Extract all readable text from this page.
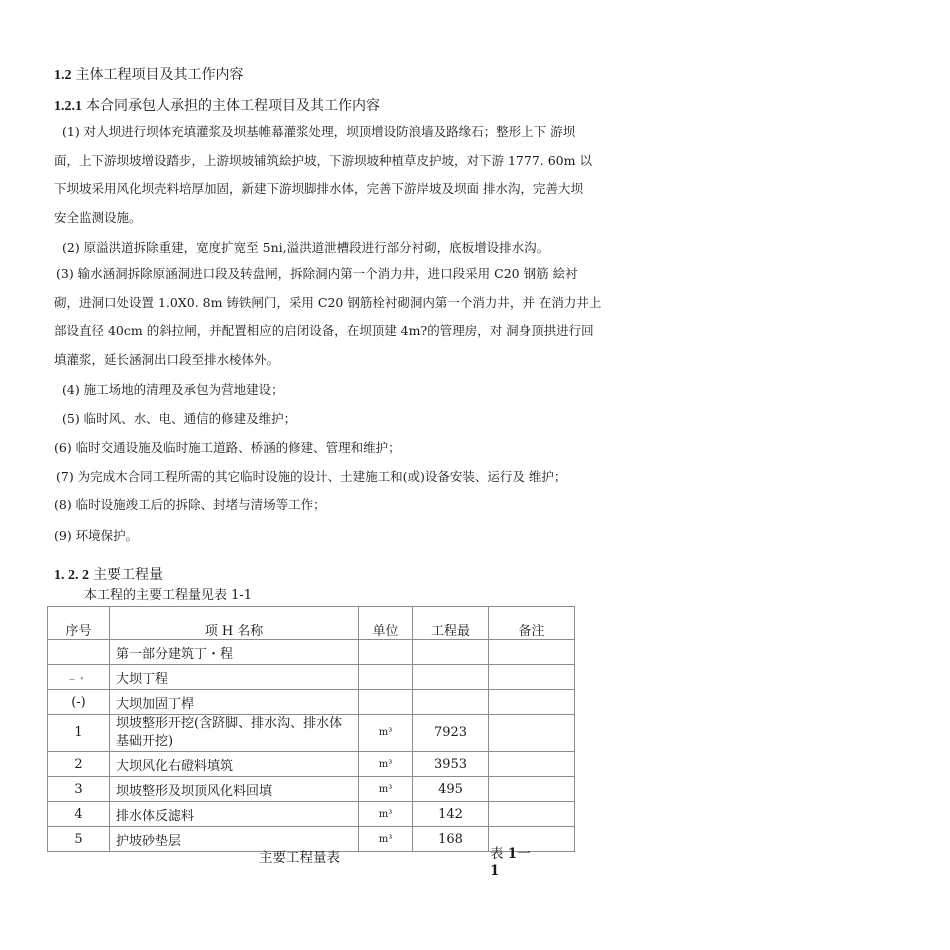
1.2 主体工程项目及其工作内容
1.2.1 本合同承包人承担的主体工程项目及其工作内容
(1) 对人坝进行坝体充填灌浆及坝基帷幕灌浆处理，坝顶增设防浪墙及路缘石；整形上下 游坝
面，上下游坝坡增设踏步，上游坝坡铺筑絵护坡，下游坝坡种植草皮护坡，对下游 1777. 60m 以
下坝坡采用风化坝壳料培厚加固，新建下游坝脚排水体，完善下游岸坡及坝面 排水沟，完善大坝
安全监测设施。
(2) 原溢洪道拆除重建，宽度扩宽至 5ni,溢洪道泄槽段进行部分衬砌，底板增设排水沟。
(3) 输水涵洞拆除原涵洞进口段及转盘闸，拆除洞内第一个消力井，进口段采用 C20 钢筋 絵衬
砌，进洞口处设置 1.0X0. 8m 铸铁闸门，采用 C20 钢筋栓衬砌洞内第一个消力井，并 在消力井上
部设直径 40cm 的斜拉闸，并配置相应的启闭设备，在坝顶建 4m?的管理房，对 洞身顶拱进行回
填灌浆，延长涵洞出口段至排水棱体外。
(4) 施工场地的清理及承包为营地建设；
(5) 临时风、水、电、通信的修建及维护；
(6) 临时交通设施及临时施工道路、桥涵的修建、管理和维护；
(7) 为完成木合同工程所需的其它临时设施的设计、土建施工和(或)设备安装、运行及 维护；
(8) 临时设施竣工后的拆除、封堵与清场等工作；
(9) 环境保护。
1. 2. 2 主要工程量
本工程的主要工程量见表 1-1
序号	项 H 名称	单位	工程最	备注
	第一部分建筑丁・程			
–・	大坝丁程			
(-)	大坝加固丁桿			
1	坝坡整形开挖(含跻脚、排水沟、排水体基础开挖)	m³	7923	
2	大坝风化右磴料填筑	m³	3953	
3	坝坡整形及坝顶风化料回填	m³	495	
4	排水体反滤料	m³	142	
5	护坡砂垫层	m³	168	
主要工程量表	表 1一
1
